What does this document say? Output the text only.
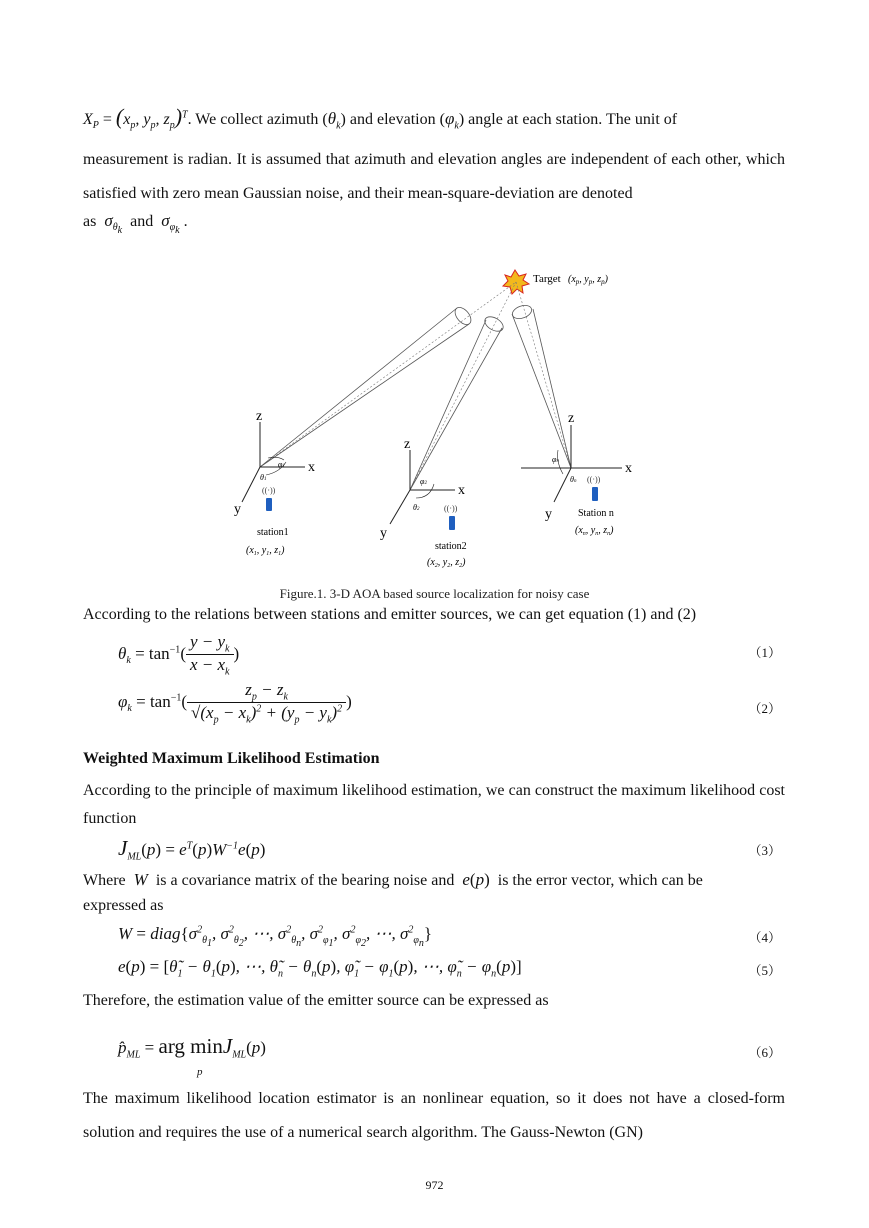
$X_P = (x_p$, $y_p$, $z_p)^T$. We collect azimuth $(\theta_k)$ and elevation $(\varphi_k)$ angle at each station. The unit of
measurement is radian. It is assumed that azimuth and elevation angles are independent of each other, which satisfied with zero mean Gaussian noise, and their mean-square-deviation are denoted
as $\sigma_{\theta_k}$  and $\sigma_{\varphi_k}$ .
Target ($x_p$, $y_p$, $z_p$)
z
x
y
φ1
θ1
((·))
station1
($x_1$, $y_1$, $z_1$)
z
x
y
φ2
θ2	((·))
station2
($x_2$, $y_2$, $z_2$)
z
x
y
φn
θn ((·))
Station n
($x_n$, $y_n$, $z_n$)
Figure.1. 3-D AOA based source localization for noisy case
According to the relations between stations and emitter sources, we can get equation (1) and (2)
$\theta_k = \tan^{-1}( \frac{y - y_k}{x - x_k}$ )	（1）
$\varphi_k = \tan^{-1}( \frac{z_p - z_k}{√(x_p - x_k)^2 + (y_p - y_k)^2}$ )	（2）
Weighted Maximum Likelihood Estimation
According to the principle of maximum likelihood estimation, we can construct the maximum likelihood cost function
$J_{ML}(p) = e^T(p)W^{-1}e(p)$	（3）
Where W is a covariance matrix of the bearing noise and e(p) is the error vector, which can be
expressed as
$W = diag\{\sigma^2_{\theta_1}$, $\sigma^2_{\theta_2}$, ⋯, $\sigma^2_{\theta_n}$, $\sigma^2_{\varphi_1}$, $\sigma^2_{\varphi_2}$, ⋯, $\sigma^2_{\varphi_n}$}	（4）
$e(p) = [\thetã_1 - \theta_1(p)$, ⋯, $\thetã_n - \theta_n(p)$, $\varphĩ_1 - \varphi_1(p)$, ⋯, $\varphĩ_n - \varphi_n(p)$]	（5）
Therefore, the estimation value of the emitter source can be expressed as
$p̂_{ML}$ = arg minJ$_{ML}$(p)
p
（6）
The maximum likelihood location estimator is an nonlinear equation, so it does not have a closed-form solution and requires the use of a numerical search algorithm. The Gauss-Newton (GN)
972
